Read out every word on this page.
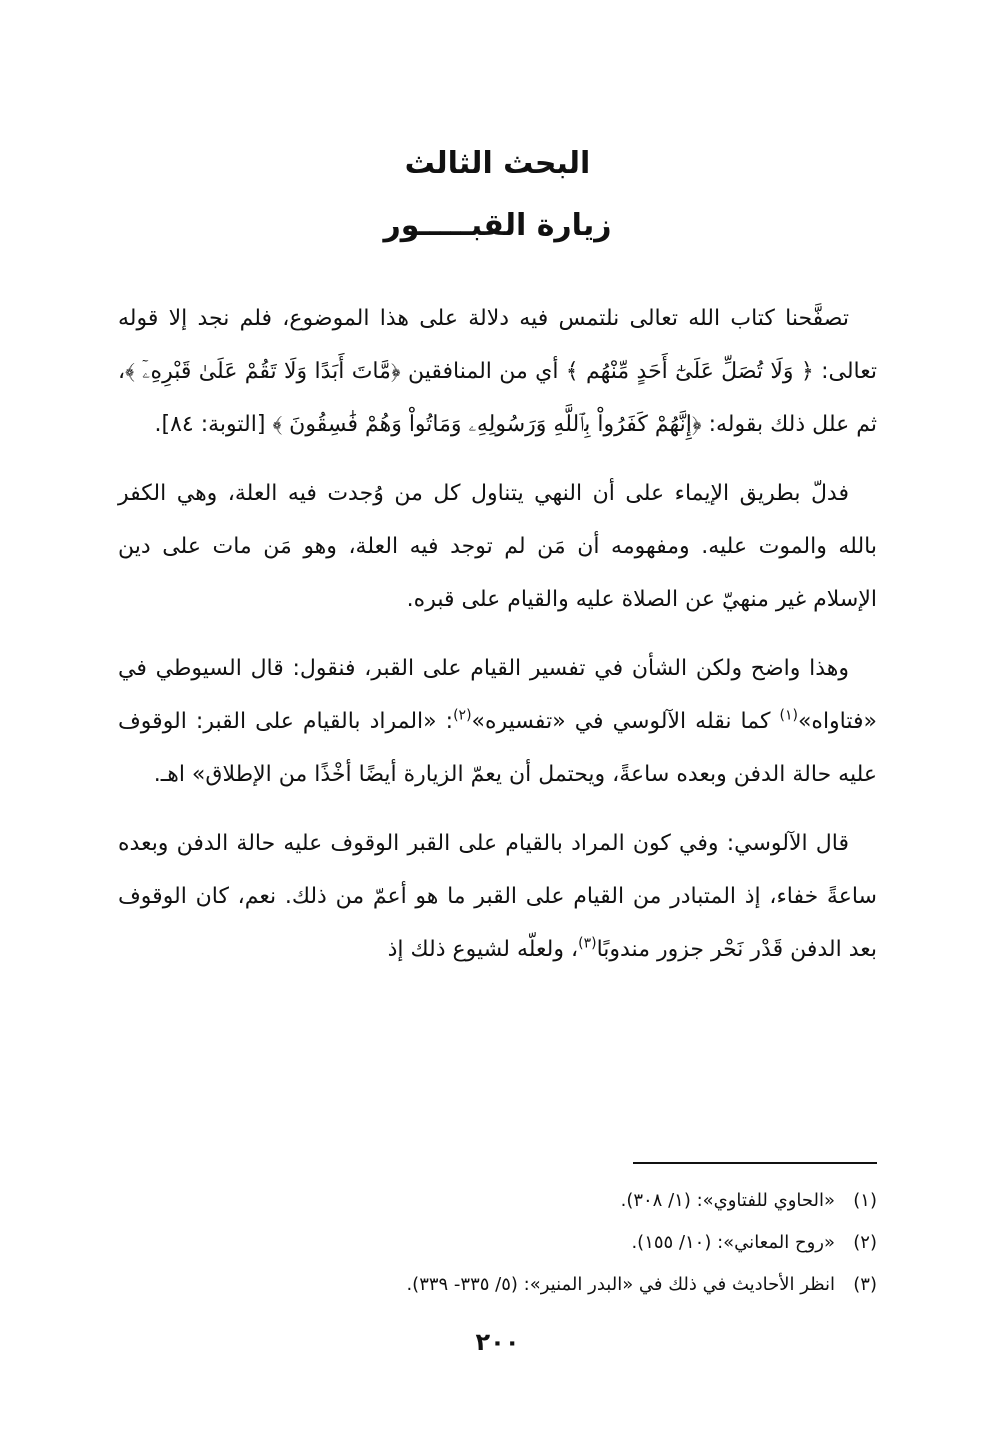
البحث الثالث
زيارة القبـــــور

تصفَّحنا كتاب الله تعالى نلتمس فيه دلالة على هذا الموضوع، فلم نجد إلا قوله تعالى: ﴿ وَلَا تُصَلِّ عَلَىٰٓ أَحَدٍ مِّنْهُم ﴾ أي من المنافقين ﴿مَّاتَ أَبَدًا وَلَا تَقُمْ عَلَىٰ قَبْرِهِۦٓ ﴾، ثم علل ذلك بقوله: ﴿إِنَّهُمْ كَفَرُواْ بِٱللَّهِ وَرَسُولِهِۦ وَمَاتُواْ وَهُمْ فَٰسِقُونَ ﴾ [التوبة: ٨٤].

فدلّ بطريق الإيماء على أن النهي يتناول كل من وُجدت فيه العلة، وهي الكفر بالله والموت عليه. ومفهومه أن مَن لم توجد فيه العلة، وهو مَن مات على دين الإسلام غير منهيّ عن الصلاة عليه والقيام على قبره.

وهذا واضح ولكن الشأن في تفسير القيام على القبر، فنقول: قال السيوطي في «فتاواه»$^{(١)}$ كما نقله الآلوسي في «تفسيره»$^{(٢)}$: «المراد بالقيام على القبر: الوقوف عليه حالة الدفن وبعده ساعةً، ويحتمل أن يعمّ الزيارة أيضًا أخْذًا من الإطلاق» اهـ.

قال الآلوسي: وفي كون المراد بالقيام على القبر الوقوف عليه حالة الدفن وبعده ساعةً خفاء، إذ المتبادر من القيام على القبر ما هو أعمّ من ذلك. نعم، كان الوقوف بعد الدفن قَدْر نَحْر جزور مندوبًا$^{(٣)}$، ولعلّه لشيوع ذلك إذ

(١)
«الحاوي للفتاوي»: (١/ ٣٠٨).
(٢)
«روح المعاني»: (١٠/ ١٥٥).
(٣)
انظر الأحاديث في ذلك في «البدر المنير»: (٥/ ٣٣٥- ٣٣٩).
٢٠٠
